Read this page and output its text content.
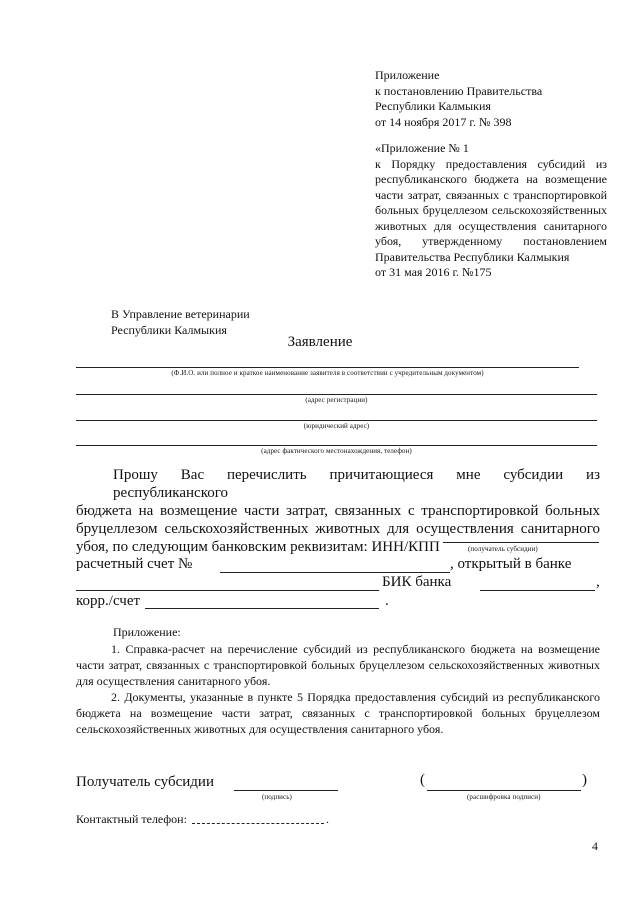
Приложение
к постановлению Правительства
Республики Калмыкия
от 14 ноября 2017 г. № 398
«Приложение № 1
к Порядку предоставления субсидий из республиканского бюджета на возмещение части затрат, связанных с транспортировкой больных бруцеллезом сельскохозяйственных животных для осуществления санитарного убоя, утвержденному постановлением
Правительства Республики Калмыкия
от 31 мая 2016 г. №175
В Управление ветеринарии
Республики Калмыкия
Заявление
(Ф.И.О. или полное и краткое наименование заявителя в соответствии с учредительным документом)
(адрес регистрации)
(юридический адрес)
(адрес фактического местонахождения, телефон)
Прошу Вас перечислить причитающиеся мне субсидии из республиканского
бюджета на возмещение части затрат, связанных с транспортировкой больных
бруцеллезом сельскохозяйственных животных для осуществления санитарного
убоя, по следующим банковским реквизитам: ИНН/КПП	(получатель субсидии)
расчетный счет №	, открытый в банке
БИК банка	,
корр./счет	.
Приложение:
1. Справка-расчет на перечисление субсидий из республиканского бюджета на возмещение части затрат, связанных с транспортировкой больных бруцеллезом сельскохозяйственных животных для осуществления санитарного убоя.
2. Документы, указанные в пункте 5 Порядка предоставления субсидий из республиканского бюджета на возмещение части затрат, связанных с транспортировкой больных бруцеллезом сельскохозяйственных животных для осуществления санитарного убоя.
Получатель субсидии
(подпись)
(	)
(расшифровка подписи)
Контактный телефон:	.
4
